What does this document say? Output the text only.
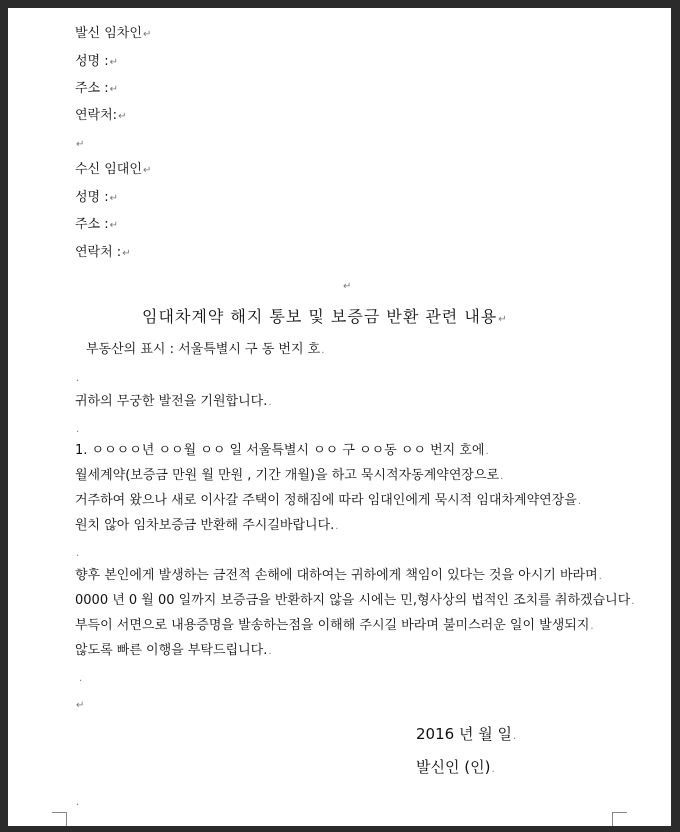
발신 임차인↵
성명 :↵
주소 :↵
연락처:↵
↵
수신 임대인↵
성명 :↵
주소 :↵
연락처 :↵
↵
임대차계약 해지 통보 및 보증금 반환 관련 내용↵
부동산의 표시 : 서울특별시 구 동 번지 호.
.
귀하의 무궁한 발전을 기원합니다..
.
1. ㅇㅇㅇㅇ년 ㅇㅇ월 ㅇㅇ 일 서울특별시 ㅇㅇ 구 ㅇㅇ동 ㅇㅇ 번지 호에.
월세계약(보증금 만원 월 만원 , 기간 개월)을 하고 묵시적자동계약연장으로.
거주하여 왔으나 새로 이사갈 주택이 정해짐에 따라 임대인에게 묵시적 임대차계약연장을.
원치 않아 임차보증금 반환해 주시길바랍니다..
.
향후 본인에게 발생하는 금전적 손해에 대하여는 귀하에게 책임이 있다는 것을 아시기 바라며.
0000 년 0 월 00 일까지 보증금을 반환하지 않을 시에는 민,형사상의 법적인 조치를 취하겠습니다.
부득이 서면으로 내용증명을 발송하는점을 이해해 주시길 바라며 불미스러운 일이 발생되지.
않도록 빠른 이행을 부탁드립니다..
.
↵
2016 년 월 일.
발신인 (인).
.
